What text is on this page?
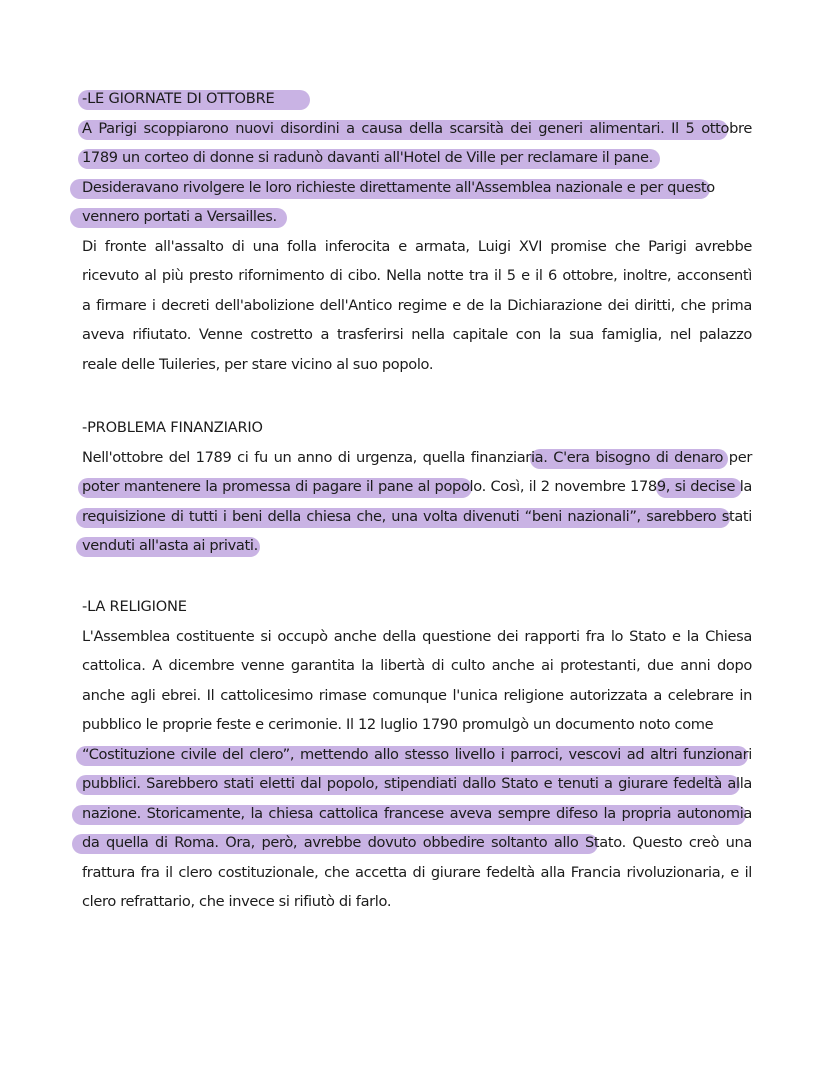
-LE GIORNATE DI OTTOBRE
A Parigi scoppiarono nuovi disordini a causa della scarsità dei generi alimentari. Il 5 ottobre
1789 un corteo di donne si radunò davanti all'Hotel de Ville per reclamare il pane.
Desideravano rivolgere le loro richieste direttamente all'Assemblea nazionale e per questo
vennero portati a Versailles.
Di fronte all'assalto di una folla inferocita e armata, Luigi XVI promise che Parigi avrebbe
ricevuto al più presto rifornimento di cibo. Nella notte tra il 5 e il 6 ottobre, inoltre, acconsentì
a firmare i decreti dell'abolizione dell'Antico regime e de la Dichiarazione dei diritti, che prima
aveva rifiutato. Venne costretto a trasferirsi nella capitale con la sua famiglia, nel palazzo
reale delle Tuileries, per stare vicino al suo popolo.
-PROBLEMA FINANZIARIO
Nell'ottobre del 1789 ci fu un anno di urgenza, quella finanziaria. C'era bisogno di denaro per
poter mantenere la promessa di pagare il pane al popolo. Così, il 2 novembre 1789, si decise la
requisizione di tutti i beni della chiesa che, una volta divenuti “beni nazionali”, sarebbero stati
venduti all'asta ai privati.
-LA RELIGIONE
L'Assemblea costituente si occupò anche della questione dei rapporti fra lo Stato e la Chiesa
cattolica. A dicembre venne garantita la libertà di culto anche ai protestanti, due anni dopo
anche agli ebrei. Il cattolicesimo rimase comunque l'unica religione autorizzata a celebrare in
pubblico le proprie feste e cerimonie. Il 12 luglio 1790 promulgò un documento noto come
“Costituzione civile del clero”, mettendo allo stesso livello i parroci, vescovi ad altri funzionari
pubblici. Sarebbero stati eletti dal popolo, stipendiati dallo Stato e tenuti a giurare fedeltà alla
nazione. Storicamente, la chiesa cattolica francese aveva sempre difeso la propria autonomia
da quella di Roma. Ora, però, avrebbe dovuto obbedire soltanto allo Stato. Questo creò una
frattura fra il clero costituzionale, che accetta di giurare fedeltà alla Francia rivoluzionaria, e il
clero refrattario, che invece si rifiutò di farlo.
